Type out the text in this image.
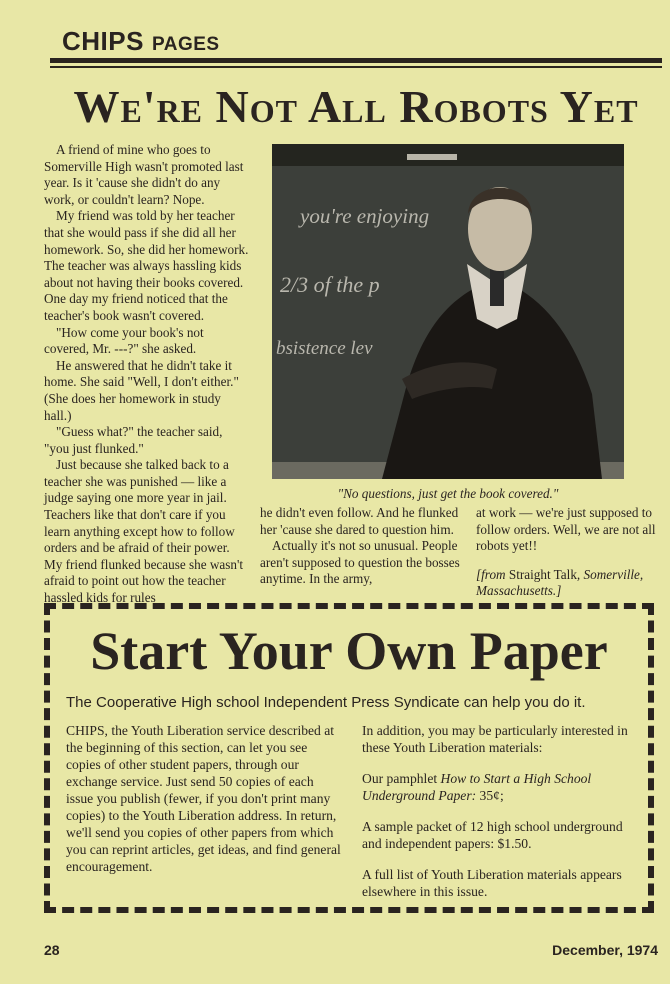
CHIPS PAGES
We're Not All Robots Yet

A friend of mine who goes to Somerville High wasn't promoted last year. Is it 'cause she didn't do any work, or couldn't learn? Nope.

My friend was told by her teacher that she would pass if she did all her homework. So, she did her homework. The teacher was always hassling kids about not having their books covered. One day my friend noticed that the teacher's book wasn't covered.

"How come your book's not covered, Mr. ---?" she asked.

He answered that he didn't take it home. She said "Well, I don't either." (She does her homework in study hall.)

"Guess what?" the teacher said, "you just flunked."

Just because she talked back to a teacher she was punished — like a judge saying one more year in jail. Teachers like that don't care if you learn anything except how to follow orders and be afraid of their power. My friend flunked because she wasn't afraid to point out how the teacher hassled kids for rules

you're enjoying
2/3 of the p
bsistence lev
"No questions, just get the book covered."

he didn't even follow. And he flunked her 'cause she dared to question him.

Actually it's not so unusual. People aren't supposed to question the bosses anytime. In the army,

at work — we're just supposed to follow orders. Well, we are not all robots yet!!

[from Straight Talk, Somerville, Massachusetts.]

Start Your Own Paper
The Cooperative High school Independent Press Syndicate can help you do it.

CHIPS, the Youth Liberation service described at the beginning of this section, can let you see copies of other student papers, through our exchange service. Just send 50 copies of each issue you publish (fewer, if you don't print many copies) to the Youth Liberation address. In return, we'll send you copies of other papers from which you can reprint articles, get ideas, and find general encouragement.

In addition, you may be particularly interested in these Youth Liberation materials:

Our pamphlet How to Start a High School Underground Paper: 35¢;

A sample packet of 12 high school underground and independent papers: $1.50.

A full list of Youth Liberation materials appears elsewhere in this issue.

28	December, 1974
